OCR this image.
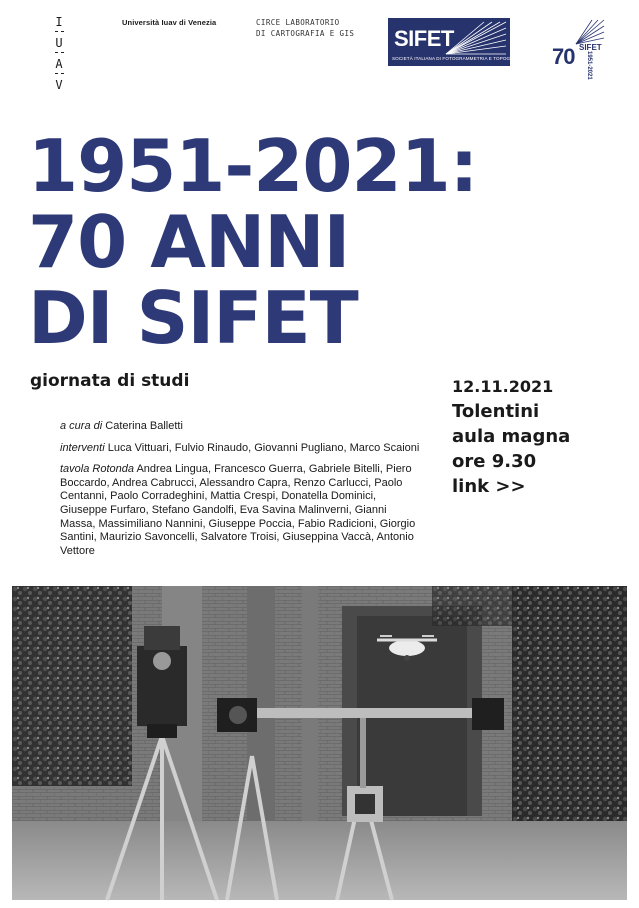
I
U
A
V
Università Iuav di Venezia	CIRCE LABORATORIO
DI CARTOGRAFIA E GIS SIFET
SOCIETÀ ITALIANA DI FOTOGRAMMETRIA E TOPOGRAFIA 70 SIFET
1951-2021
1951-2021:
70 ANNI
DI SIFET
giornata di studi

a cura di Caterina Balletti

interventi Luca Vittuari, Fulvio Rinaudo, Giovanni Pugliano, Marco Scaioni

tavola Rotonda Andrea Lingua, Francesco Guerra, Gabriele Bitelli, Piero Boccardo, Andrea Cabrucci, Alessandro Capra, Renzo Carlucci, Paolo Centanni, Paolo Corradeghini, Mattia Crespi, Donatella Dominici, Giuseppe Furfaro, Stefano Gandolfi, Eva Savina Malinverni, Gianni Massa, Massimiliano Nannini, Giuseppe Poccia, Fabio Radicioni, Giorgio Santini, Maurizio Savoncelli, Salvatore Troisi, Giuseppina Vaccà, Antonio Vettore

12.11.2021
Tolentini
aula magna
ore 9.30
link >>
